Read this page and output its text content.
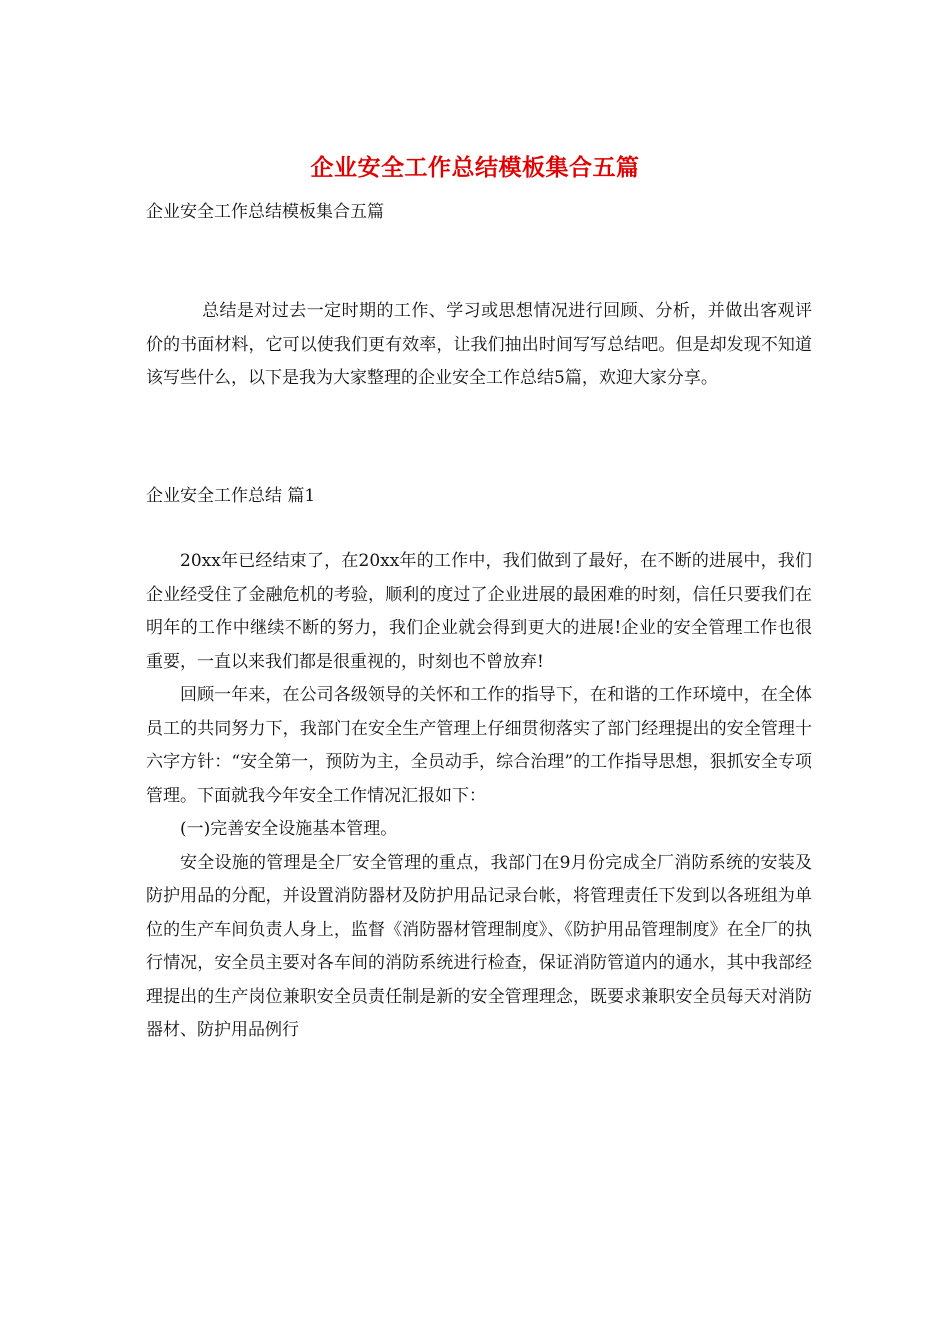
企业安全工作总结模板集合五篇
企业安全工作总结模板集合五篇

总结是对过去一定时期的工作、学习或思想情况进行回顾、分析，并做出客观评价的书面材料，它可以使我们更有效率，让我们抽出时间写写总结吧。但是却发现不知道该写些什么，以下是我为大家整理的企业安全工作总结5篇，欢迎大家分享。

企业安全工作总结 篇1

20xx年已经结束了，在20xx年的工作中，我们做到了最好，在不断的进展中，我们企业经受住了金融危机的考验，顺利的度过了企业进展的最困难的时刻，信任只要我们在明年的工作中继续不断的努力，我们企业就会得到更大的进展!企业的安全管理工作也很重要，一直以来我们都是很重视的，时刻也不曾放弃!

回顾一年来，在公司各级领导的关怀和工作的指导下，在和谐的工作环境中，在全体员工的共同努力下，我部门在安全生产管理上仔细贯彻落实了部门经理提出的安全管理十六字方针：“安全第一，预防为主，全员动手，综合治理”的工作指导思想，狠抓安全专项管理。下面就我今年安全工作情况汇报如下：

(一)完善安全设施基本管理。

安全设施的管理是全厂安全管理的重点，我部门在9月份完成全厂消防系统的安装及防护用品的分配，并设置消防器材及防护用品记录台帐，将管理责任下发到以各班组为单位的生产车间负责人身上，监督《消防器材管理制度》、《防护用品管理制度》在全厂的执行情况，安全员主要对各车间的消防系统进行检查，保证消防管道内的通水，其中我部经理提出的生产岗位兼职安全员责任制是新的安全管理理念，既要求兼职安全员每天对消防器材、防护用品例行
